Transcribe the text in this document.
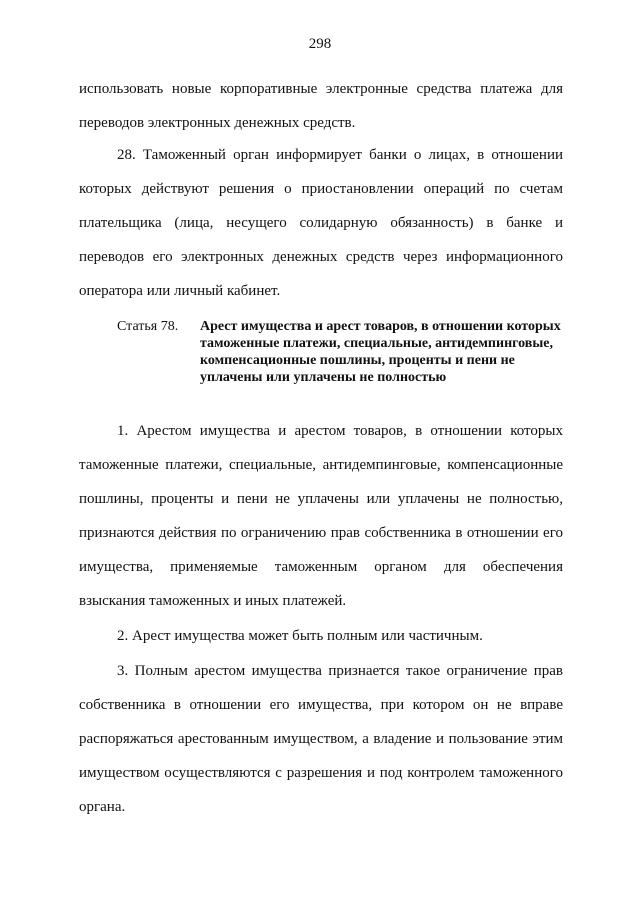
298

использовать новые корпоративные электронные средства платежа для переводов электронных денежных средств.

28. Таможенный орган информирует банки о лицах, в отношении которых действуют решения о приостановлении операций по счетам плательщика (лица, несущего солидарную обязанность) в банке и переводов его электронных денежных средств через информационного оператора или личный кабинет.

Статья 78.	Арест имущества и арест товаров, в отношении которых таможенные платежи, специальные, антидемпинговые, компенсационные пошлины, проценты и пени не уплачены или уплачены не полностью

1. Арестом имущества и арестом товаров, в отношении которых таможенные платежи, специальные, антидемпинговые, компенсационные пошлины, проценты и пени не уплачены или уплачены не полностью, признаются действия по ограничению прав собственника в отношении его имущества, применяемые таможенным органом для обеспечения взыскания таможенных и иных платежей.

2. Арест имущества может быть полным или частичным.

3. Полным арестом имущества признается такое ограничение прав собственника в отношении его имущества, при котором он не вправе распоряжаться арестованным имуществом, а владение и пользование этим имуществом осуществляются с разрешения и под контролем таможенного органа.
